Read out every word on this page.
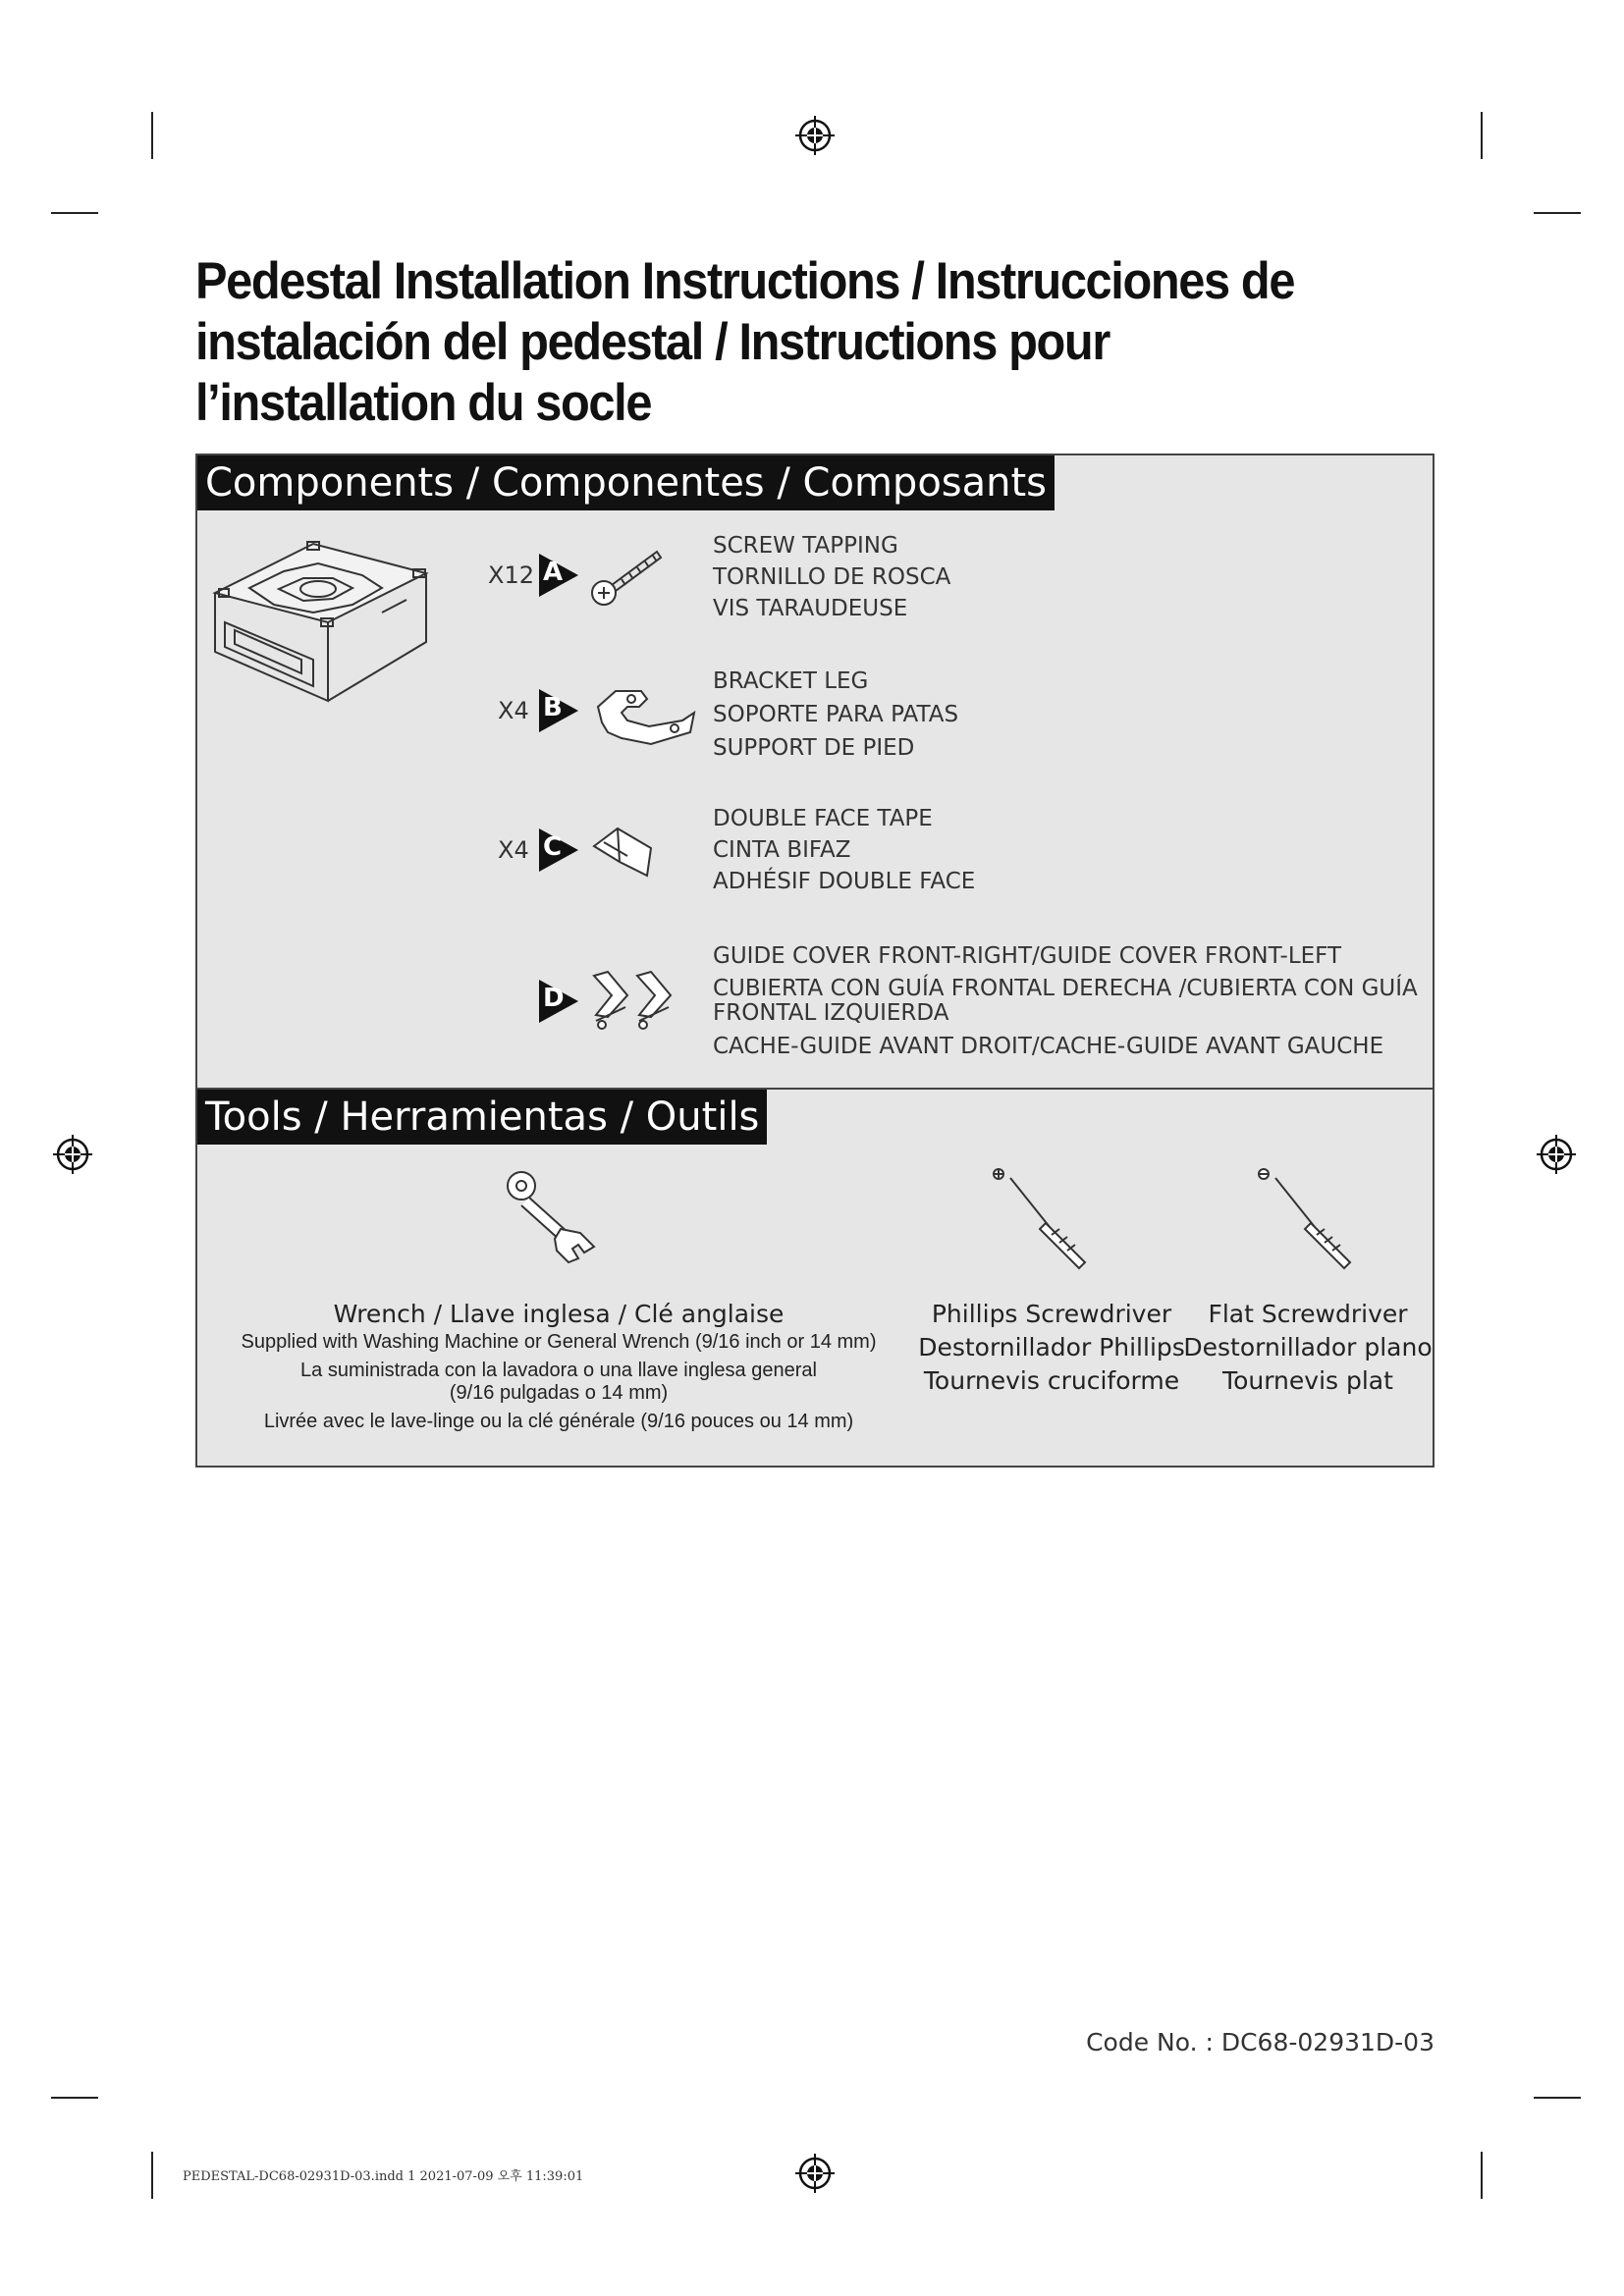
Pedestal Installation Instructions / Instrucciones de instalación del pedestal / Instructions pour l’installation du socle
Components / Componentes / Composants
X12 A
SCREW TAPPING
TORNILLO DE ROSCA
VIS TARAUDEUSE
X4 B
BRACKET LEG
SOPORTE PARA PATAS
SUPPORT DE PIED
X4 C
DOUBLE FACE TAPE
CINTA BIFAZ
ADHÉSIF DOUBLE FACE
D
GUIDE COVER FRONT-RIGHT/GUIDE COVER FRONT-LEFT
CUBIERTA CON GUÍA FRONTAL DERECHA /CUBIERTA CON GUÍA
FRONTAL IZQUIERDA
CACHE-GUIDE AVANT DROIT/CACHE-GUIDE AVANT GAUCHE
Tools / Herramientas / Outils
Wrench / Llave inglesa / Clé anglaise
Supplied with Washing Machine or General Wrench (9/16 inch or 14 mm)
La suministrada con la lavadora o una llave inglesa general
(9/16 pulgadas o 14 mm)
Livrée avec le lave-linge ou la clé générale (9/16 pouces ou 14 mm)
Phillips Screwdriver
Destornillador Phillips
Tournevis cruciforme
Flat Screwdriver
Destornillador plano
Tournevis plat
Code No. : DC68-02931D-03
PEDESTAL-DC68-02931D-03.indd 1 2021-07-09 오후 11:39:01
